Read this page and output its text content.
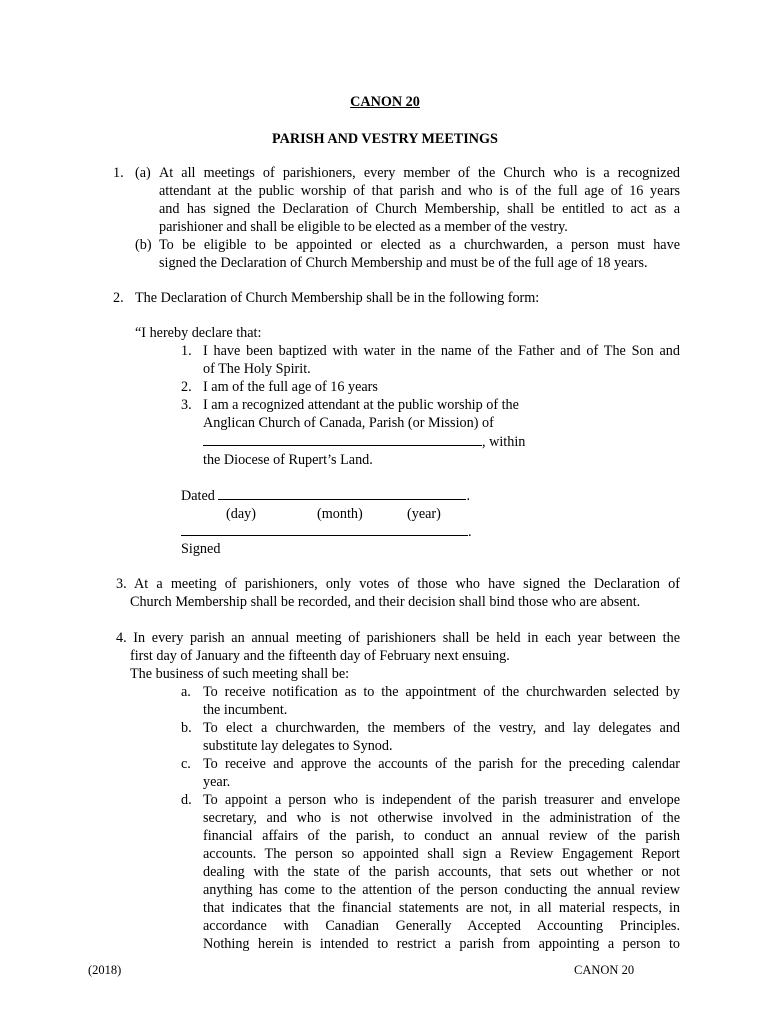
CANON 20
PARISH AND VESTRY MEETINGS
1. (a) At all meetings of parishioners, every member of the Church who is a recognized
attendant at the public worship of that parish and who is of the full age of 16 years
and has signed the Declaration of Church Membership, shall be entitled to act as a
parishioner and shall be eligible to be elected as a member of the vestry.
(b) To be eligible to be appointed or elected as a churchwarden, a person must have
signed the Declaration of Church Membership and must be of the full age of 18 years.
2. The Declaration of Church Membership shall be in the following form:
“I hereby declare that:
1. I have been baptized with water in the name of the Father and of The Son and
of The Holy Spirit.
2. I am of the full age of 16 years
3. I am a recognized attendant at the public worship of the
Anglican Church of Canada, Parish (or Mission) of
, within
the Diocese of Rupert’s Land.
Dated	.
(day)	(month)	(year)
.
Signed
3. At a meeting of parishioners, only votes of those who have signed the Declaration of
Church Membership shall be recorded, and their decision shall bind those who are absent.
4. In every parish an annual meeting of parishioners shall be held in each year between the
first day of January and the fifteenth day of February next ensuing.
The business of such meeting shall be:
a. To receive notification as to the appointment of the churchwarden selected by
the incumbent.
b. To elect a churchwarden, the members of the vestry, and lay delegates and
substitute lay delegates to Synod.
c. To receive and approve the accounts of the parish for the preceding calendar
year.
d. To appoint a person who is independent of the parish treasurer and envelope
secretary, and who is not otherwise involved in the administration of the
financial affairs of the parish, to conduct an annual review of the parish
accounts. The person so appointed shall sign a Review Engagement Report
dealing with the state of the parish accounts, that sets out whether or not
anything has come to the attention of the person conducting the annual review
that indicates that the financial statements are not, in all material respects, in
accordance with Canadian Generally Accepted Accounting Principles.
Nothing herein is intended to restrict a parish from appointing a person to
(2018)	CANON 20
